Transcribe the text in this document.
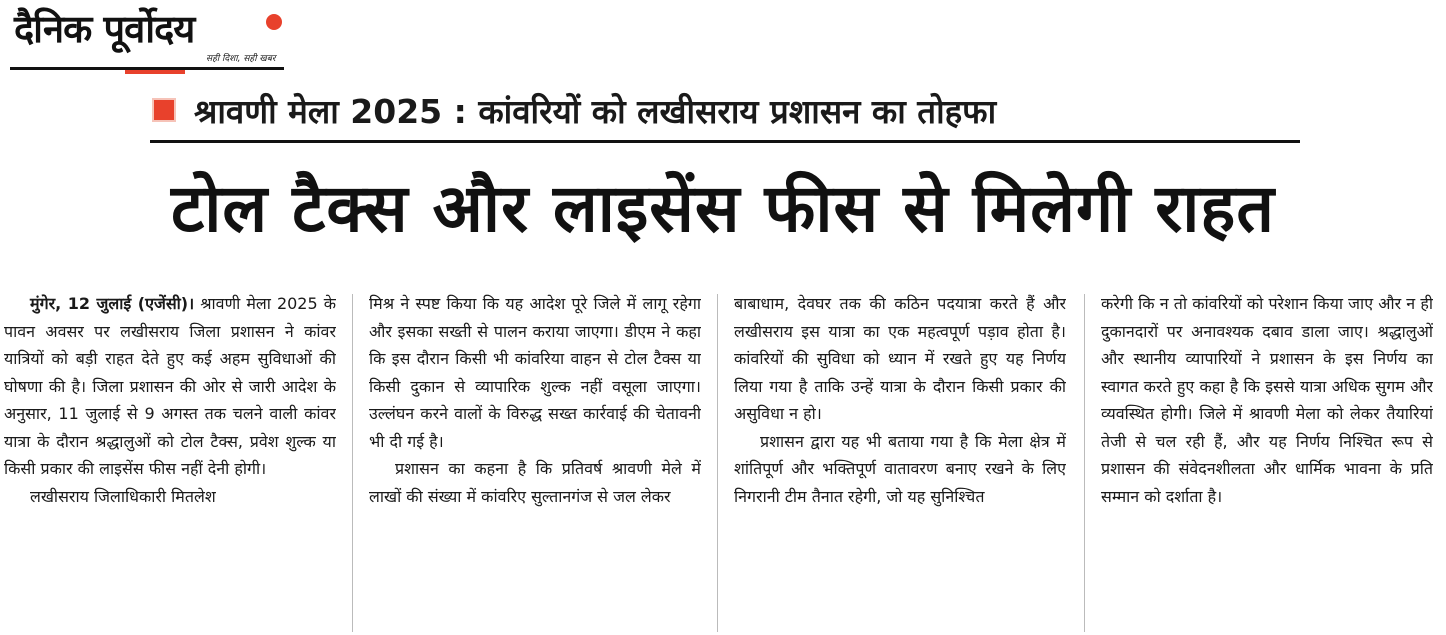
दैनिक पूर्वोदय
सही दिशा, सही खबर
श्रावणी मेला 2025 : कांवरियों को लखीसराय प्रशासन का तोहफा
टोल टैक्स और लाइसेंस फीस से मिलेगी राहत

मुंगेर, 12 जुलाई (एजेंसी)। श्रावणी मेला 2025 के पावन अवसर पर लखीसराय जिला प्रशासन ने कांवर यात्रियों को बड़ी राहत देते हुए कई अहम सुविधाओं की घोषणा की है। जिला प्रशासन की ओर से जारी आदेश के अनुसार, 11 जुलाई से 9 अगस्त तक चलने वाली कांवर यात्रा के दौरान श्रद्धालुओं को टोल टैक्स, प्रवेश शुल्क या किसी प्रकार की लाइसेंस फीस नहीं देनी होगी।

लखीसराय जिलाधिकारी मितलेश

मिश्र ने स्पष्ट किया कि यह आदेश पूरे जिले में लागू रहेगा और इसका सख्ती से पालन कराया जाएगा। डीएम ने कहा कि इस दौरान किसी भी कांवरिया वाहन से टोल टैक्स या किसी दुकान से व्यापारिक शुल्क नहीं वसूला जाएगा। उल्लंघन करने वालों के विरुद्ध सख्त कार्रवाई की चेतावनी भी दी गई है।

प्रशासन का कहना है कि प्रतिवर्ष श्रावणी मेले में लाखों की संख्या में कांवरिए सुल्तानगंज से जल लेकर

बाबाधाम, देवघर तक की कठिन पदयात्रा करते हैं और लखीसराय इस यात्रा का एक महत्वपूर्ण पड़ाव होता है। कांवरियों की सुविधा को ध्यान में रखते हुए यह निर्णय लिया गया है ताकि उन्हें यात्रा के दौरान किसी प्रकार की असुविधा न हो।

प्रशासन द्वारा यह भी बताया गया है कि मेला क्षेत्र में शांतिपूर्ण और भक्तिपूर्ण वातावरण बनाए रखने के लिए निगरानी टीम तैनात रहेगी, जो यह सुनिश्चित

करेगी कि न तो कांवरियों को परेशान किया जाए और न ही दुकानदारों पर अनावश्यक दबाव डाला जाए। श्रद्धालुओं और स्थानीय व्यापारियों ने प्रशासन के इस निर्णय का स्वागत करते हुए कहा है कि इससे यात्रा अधिक सुगम और व्यवस्थित होगी। जिले में श्रावणी मेला को लेकर तैयारियां तेजी से चल रही हैं, और यह निर्णय निश्चित रूप से प्रशासन की संवेदनशीलता और धार्मिक भावना के प्रति सम्मान को दर्शाता है।
